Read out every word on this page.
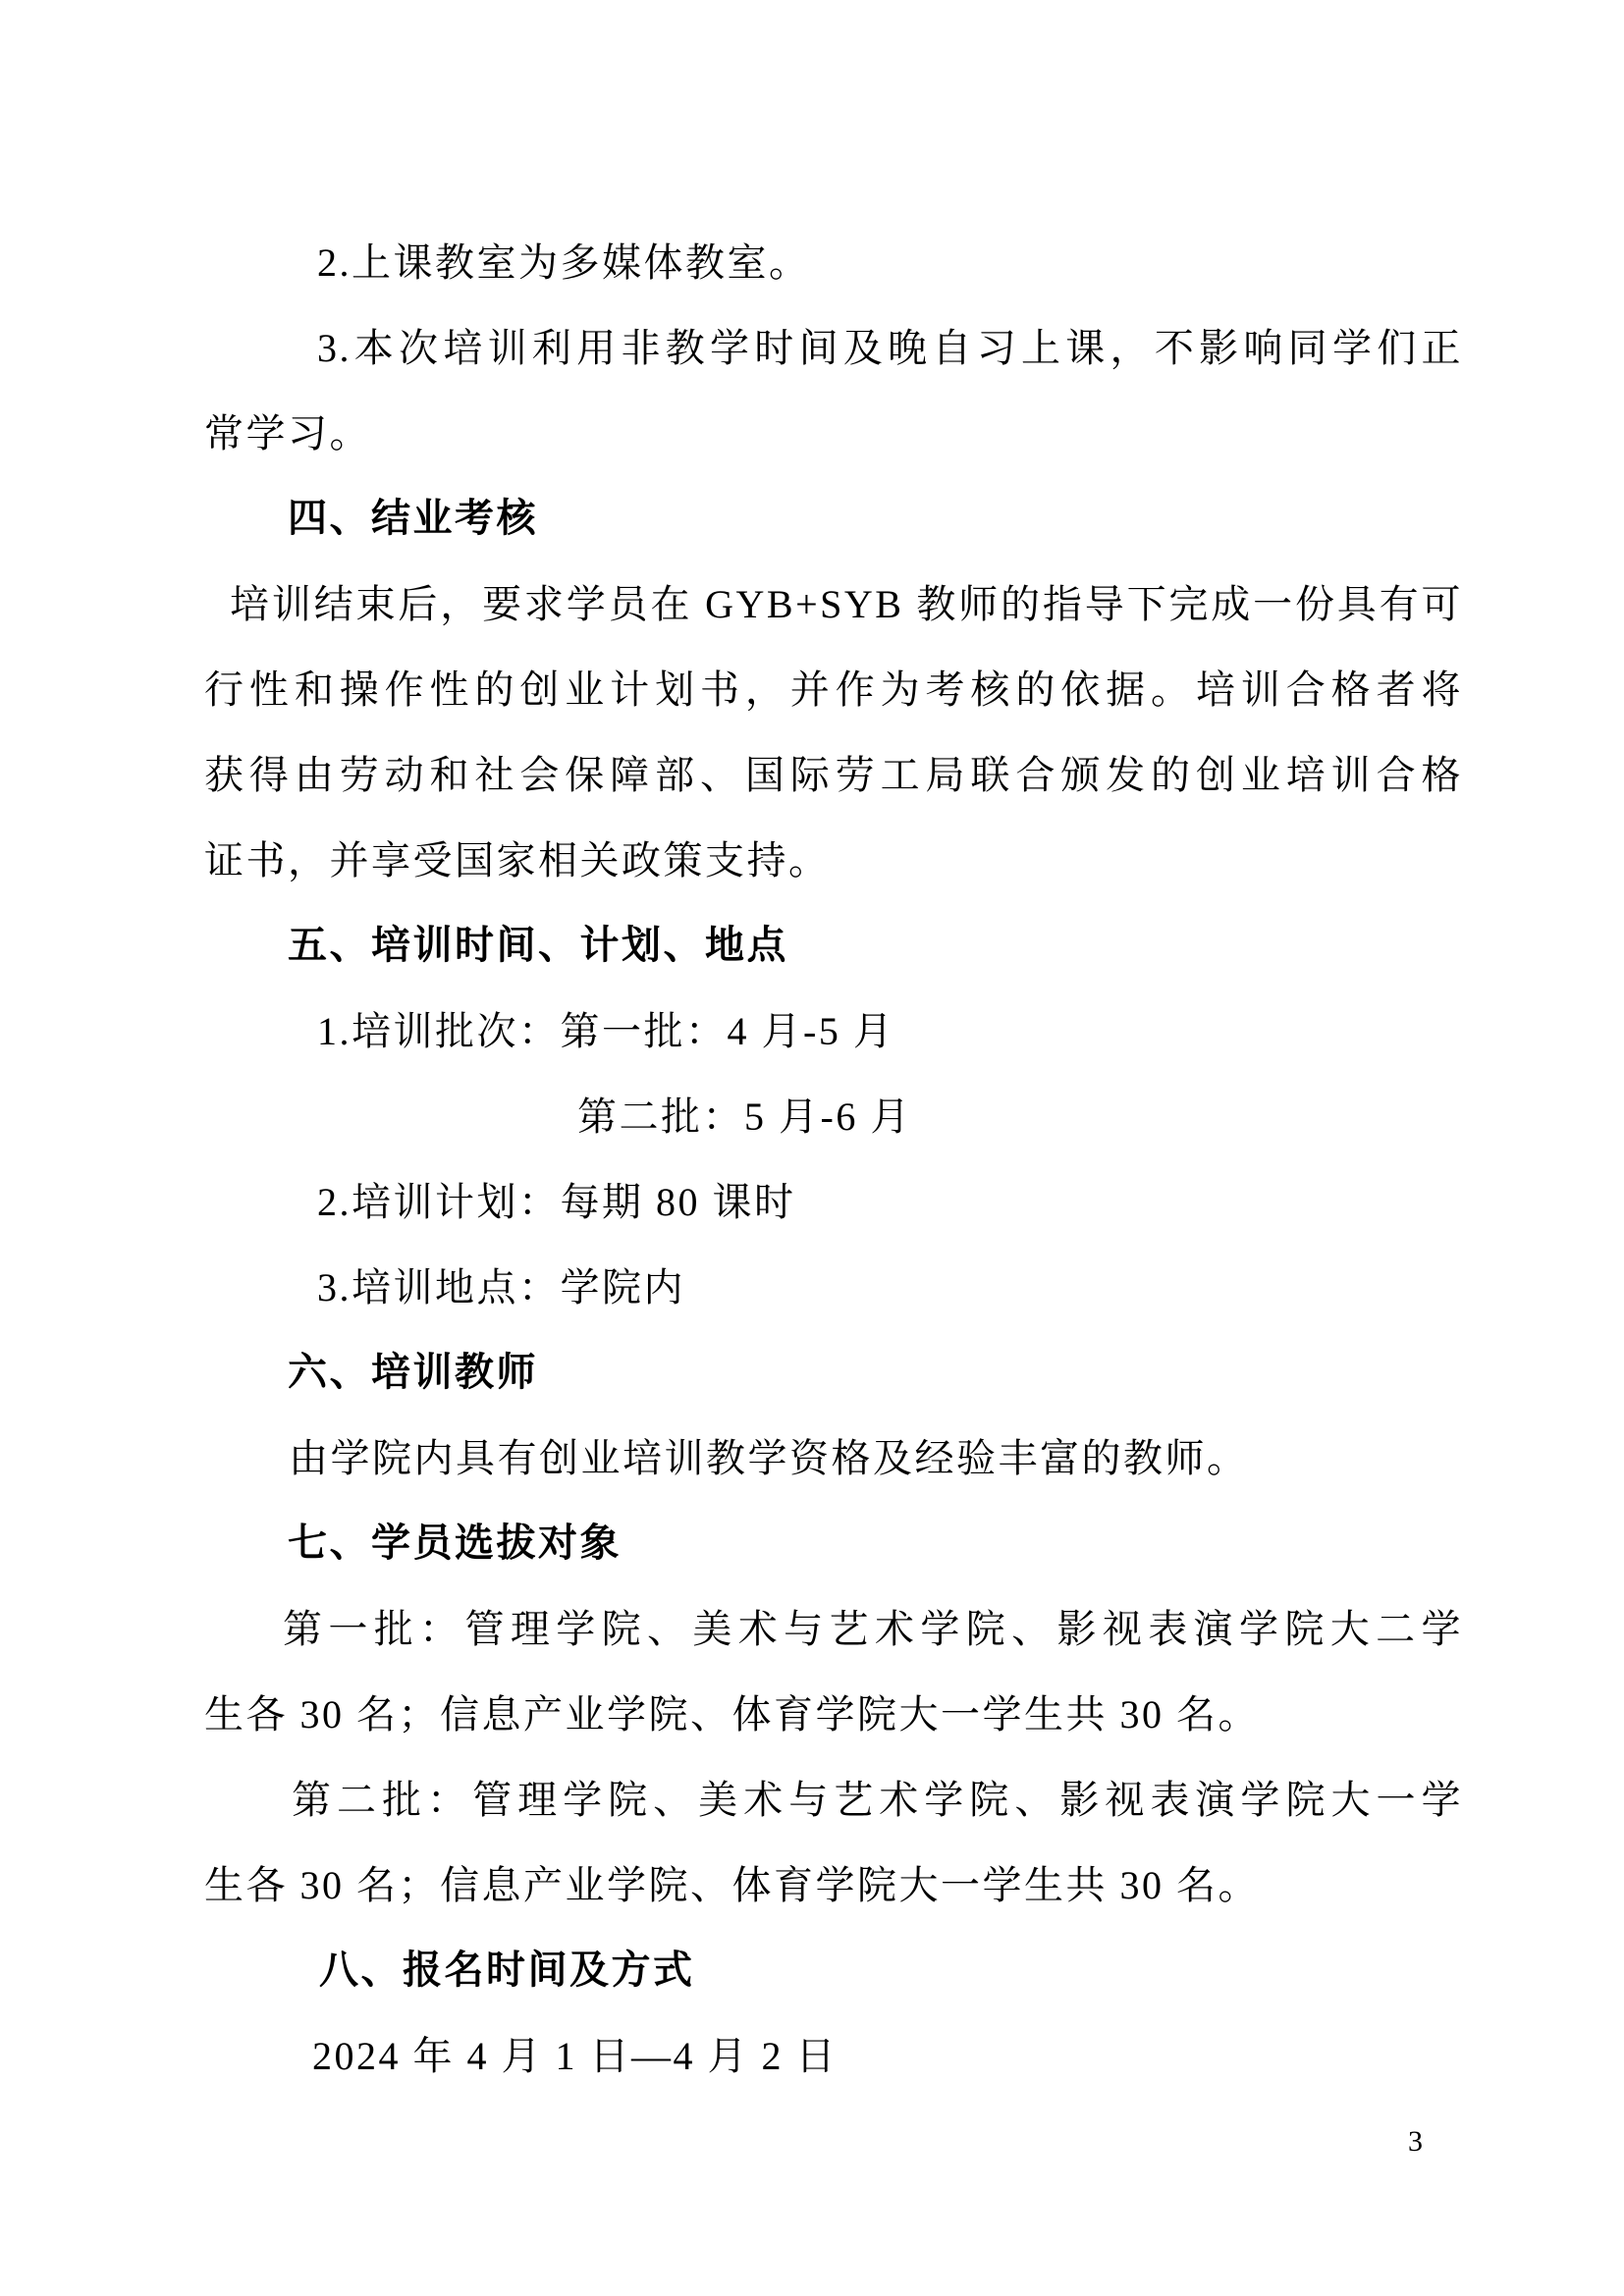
2.上课教室为多媒体教室。

3.本次培训利用非教学时间及晚自习上课，不影响同学们正

常学习。

四、结业考核

培训结束后，要求学员在 GYB+SYB 教师的指导下完成一份具有可

行性和操作性的创业计划书，并作为考核的依据。培训合格者将

获得由劳动和社会保障部、国际劳工局联合颁发的创业培训合格

证书，并享受国家相关政策支持。

五、培训时间、计划、地点

1.培训批次：第一批：4 月-5 月

第二批：5 月-6 月

2.培训计划：每期 80 课时

3.培训地点：学院内

六、培训教师

由学院内具有创业培训教学资格及经验丰富的教师。

七、学员选拔对象

第一批：管理学院、美术与艺术学院、影视表演学院大二学

生各 30 名；信息产业学院、体育学院大一学生共 30 名。

第二批：管理学院、美术与艺术学院、影视表演学院大一学

生各 30 名；信息产业学院、体育学院大一学生共 30 名。

八、报名时间及方式

2024 年 4 月 1 日—4 月 2 日

3
